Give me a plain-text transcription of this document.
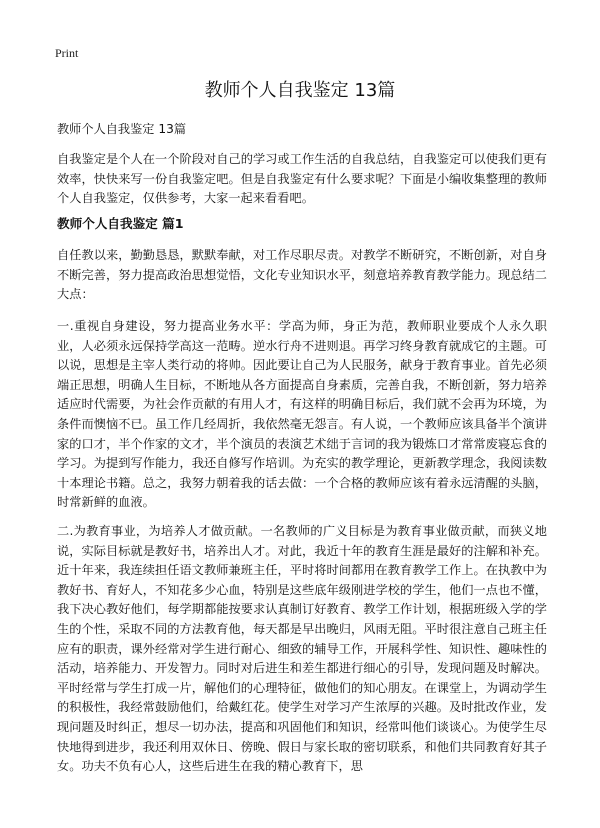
Print
教师个人自我鉴定 13篇

教师个人自我鉴定 13篇

自我鉴定是个人在一个阶段对自己的学习或工作生活的自我总结，自我鉴定可以使我们更有效率，快快来写一份自我鉴定吧。但是自我鉴定有什么要求呢？下面是小编收集整理的教师个人自我鉴定，仅供参考，大家一起来看看吧。

教师个人自我鉴定 篇1

自任教以来，勤勤恳恳，默默奉献，对工作尽职尽责。对教学不断研究，不断创新，对自身不断完善，努力提高政治思想觉悟，文化专业知识水平，刻意培养教育教学能力。现总结二大点：

一.重视自身建设，努力提高业务水平：学高为师，身正为范，教师职业要成个人永久职业，人必须永远保持学高这一范畴。逆水行舟不进则退。再学习终身教育就成它的主题。可以说，思想是主宰人类行动的将帅。因此要让自己为人民服务，献身于教育事业。首先必须端正思想，明确人生目标，不断地从各方面提高自身素质，完善自我，不断创新，努力培养适应时代需要，为社会作贡献的有用人才，有这样的明确目标后，我们就不会再为环境，为条件而懊恼不已。虽工作几经周折，我依然毫无怨言。有人说，一个教师应该具备半个演讲家的口才，半个作家的文才，半个演员的表演艺术绌于言词的我为锻炼口才常常废寝忘食的学习。为提到写作能力，我还自修写作培训。为充实的教学理论，更新教学理念，我阅读数十本理论书籍。总之，我努力朝着我的话去做：一个合格的教师应该有着永远清醒的头脑，时常新鲜的血液。

二.为教育事业，为培养人才做贡献。一名教师的广义目标是为教育事业做贡献，而狭义地说，实际目标就是教好书，培养出人才。对此，我近十年的教育生涯是最好的注解和补充。近十年来，我连续担任语文教师兼班主任，平时将时间都用在教育教学工作上。在执教中为教好书、育好人，不知花多少心血，特别是这些底年级刚进学校的学生，他们一点也不懂，我下决心教好他们，每学期都能按要求认真制订好教育、教学工作计划，根据班级入学的学生的个性，采取不同的方法教育他，每天都是早出晚归，风雨无阻。平时很注意自己班主任应有的职责，课外经常对学生进行耐心、细致的辅导工作，开展科学性、知识性、趣味性的活动，培养能力、开发智力。同时对后进生和差生都进行细心的引导，发现问题及时解决。平时经常与学生打成一片，解他们的心理特征，做他们的知心朋友。在课堂上，为调动学生的积极性，我经常鼓励他们，给戴红花。使学生对学习产生浓厚的兴趣。及时批改作业，发现问题及时纠正，想尽一切办法，提高和巩固他们和知识，经常叫他们谈谈心。为使学生尽快地得到进步，我还利用双休日、傍晚、假日与家长取的密切联系，和他们共同教育好其子女。功夫不负有心人，这些后进生在我的精心教育下，思
